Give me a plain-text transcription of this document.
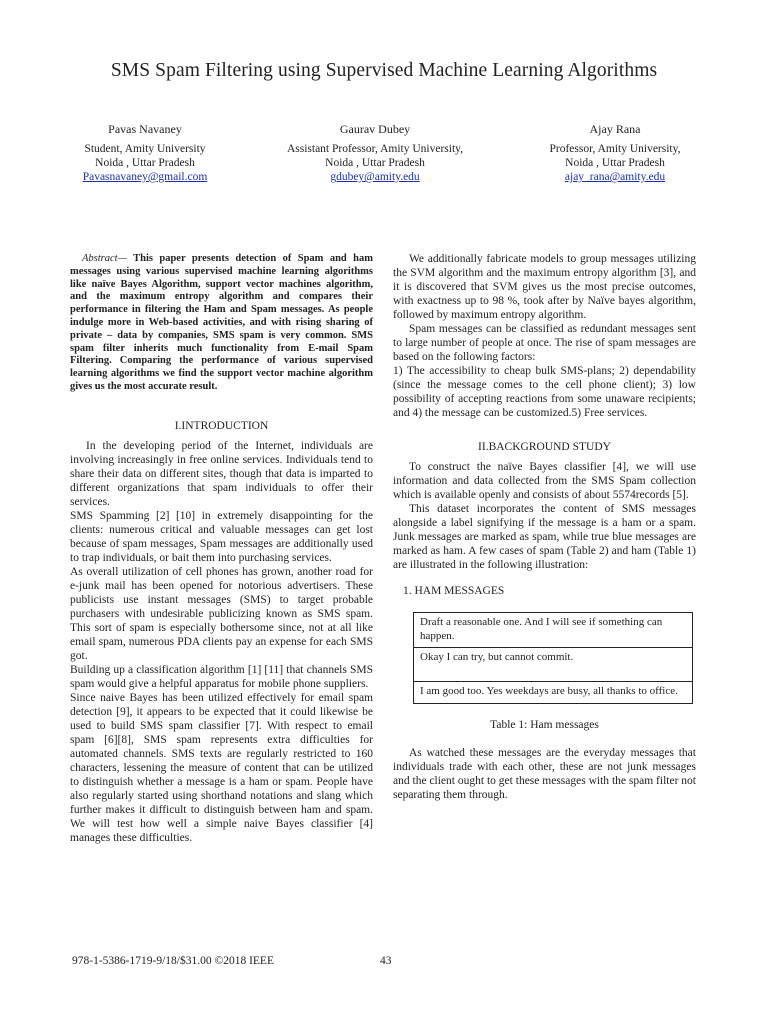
SMS Spam Filtering using Supervised Machine Learning Algorithms
Pavas Navaney
Student, Amity University
Noida , Uttar Pradesh
Pavasnavaney@gmail.com
Gaurav Dubey
Assistant Professor, Amity University,
Noida , Uttar Pradesh
gdubey@amity.edu
Ajay Rana
Professor, Amity University,
Noida , Uttar Pradesh
ajay_rana@amity.edu

Abstract— This paper presents detection of Spam and ham messages using various supervised machine learning algorithms like naïve Bayes Algorithm, support vector machines algorithm, and the maximum entropy algorithm and compares their performance in filtering the Ham and Spam messages. As people indulge more in Web-based activities, and with rising sharing of private – data by companies, SMS spam is very common. SMS spam filter inherits much functionality from E-mail Spam Filtering. Comparing the performance of various supervised learning algorithms we find the support vector machine algorithm gives us the most accurate result.

I.INTRODUCTION

In the developing period of the Internet, individuals are involving increasingly in free online services. Individuals tend to share their data on different sites, though that data is imparted to different organizations that spam individuals to offer their services.

SMS Spamming [2] [10] in extremely disappointing for the clients: numerous critical and valuable messages can get lost because of spam messages, Spam messages are additionally used to trap individuals, or bait them into purchasing services.

As overall utilization of cell phones has grown, another road for e-junk mail has been opened for notorious advertisers. These publicists use instant messages (SMS) to target probable purchasers with undesirable publicizing known as SMS spam. This sort of spam is especially bothersome since, not at all like email spam, numerous PDA clients pay an expense for each SMS got.

Building up a classification algorithm [1] [11] that channels SMS spam would give a helpful apparatus for mobile phone suppliers.

Since naive Bayes has been utilized effectively for email spam detection [9], it appears to be expected that it could likewise be used to build SMS spam classifier [7]. With respect to email spam [6][8], SMS spam represents extra difficulties for automated channels. SMS texts are regularly restricted to 160 characters, lessening the measure of content that can be utilized to distinguish whether a message is a ham or spam. People have also regularly started using shorthand notations and slang which further makes it difficult to distinguish between ham and spam. We will test how well a simple naive Bayes classifier [4] manages these difficulties.

We additionally fabricate models to group messages utilizing the SVM algorithm and the maximum entropy algorithm [3], and it is discovered that SVM gives us the most precise outcomes, with exactness up to 98 %, took after by Naïve bayes algorithm, followed by maximum entropy algorithm.

Spam messages can be classified as redundant messages sent to large number of people at once. The rise of spam messages are based on the following factors:

1) The accessibility to cheap bulk SMS-plans; 2) dependability (since the message comes to the cell phone client); 3) low possibility of accepting reactions from some unaware recipients; and 4) the message can be customized.5) Free services.

II.BACKGROUND STUDY

To construct the naïve Bayes classifier [4], we will use information and data collected from the SMS Spam collection which is available openly and consists of about 5574records [5].

This dataset incorporates the content of SMS messages alongside a label signifying if the message is a ham or a spam. Junk messages are marked as spam, while true blue messages are marked as ham. A few cases of spam (Table 2) and ham (Table 1) are illustrated in the following illustration:

1. HAM MESSAGES

Draft a reasonable one. And I will see if something can happen.
Okay I can try, but cannot commit.
I am good too. Yes weekdays are busy, all thanks to office.

Table 1: Ham messages

As watched these messages are the everyday messages that individuals trade with each other, these are not junk messages and the client ought to get these messages with the spam filter not separating them through.

978-1-5386-1719-9/18/$31.00 ©2018 IEEE	43
